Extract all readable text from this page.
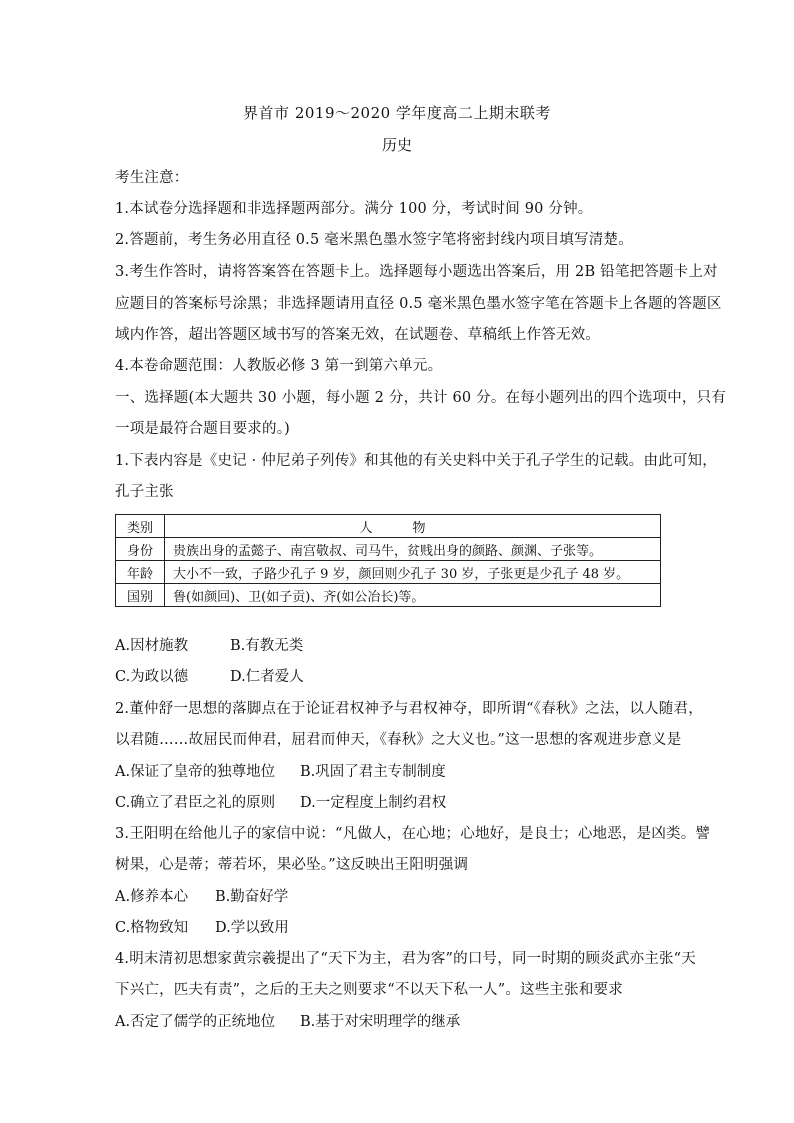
界首市 2019～2020 学年度高二上期末联考
历史
考生注意：
1.本试卷分选择题和非选择题两部分。满分 100 分，考试时间 90 分钟。
2.答题前，考生务必用直径 0.5 毫米黑色墨水签字笔将密封线内项目填写清楚。
3.考生作答时，请将答案答在答题卡上。选择题每小题选出答案后，用 2B 铅笔把答题卡上对
应题目的答案标号涂黑；非选择题请用直径 0.5 毫米黑色墨水签字笔在答题卡上各题的答题区
域内作答，超出答题区域书写的答案无效，在试题卷、草稿纸上作答无效。
4.本卷命题范围：人教版必修 3 第一到第六单元。
一、选择题(本大题共 30 小题，每小题 2 分，共计 60 分。在每小题列出的四个选项中，只有
一项是最符合题目要求的。)
1.下表内容是《史记 · 仲尼弟子列传》和其他的有关史料中关于孔子学生的记载。由此可知，
孔子主张
类别	人物
身份	贵族出身的孟懿子、南宫敬叔、司马牛，贫贱出身的颜路、颜渊、子张等。
年龄	大小不一致，子路少孔子 9 岁，颜回则少孔子 30 岁，子张更是少孔子 48 岁。
国别	鲁(如颜回)、卫(如子贡)、齐(如公冶长)等。
A.因材施教	B.有教无类
C.为政以德	D.仁者爱人
2.董仲舒一思想的落脚点在于论证君权神予与君权神夺，即所谓“《春秋》之法，以人随君，
以君随……故屈民而伸君，屈君而伸天，《春秋》之大义也。”这一思想的客观进步意义是
A.保证了皇帝的独尊地位 B.巩固了君主专制制度
C.确立了君臣之礼的原则 D.一定程度上制约君权
3.王阳明在给他儿子的家信中说：“凡做人，在心地；心地好，是良士；心地恶，是凶类。譬
树果，心是蒂；蒂若坏，果必坠。”这反映出王阳明强调
A.修养本心 B.勤奋好学
C.格物致知 D.学以致用
4.明末清初思想家黄宗羲提出了“天下为主，君为客”的口号，同一时期的顾炎武亦主张“天
下兴亡，匹夫有责”，之后的王夫之则要求“不以天下私一人”。这些主张和要求
A.否定了儒学的正统地位 B.基于对宋明理学的继承
